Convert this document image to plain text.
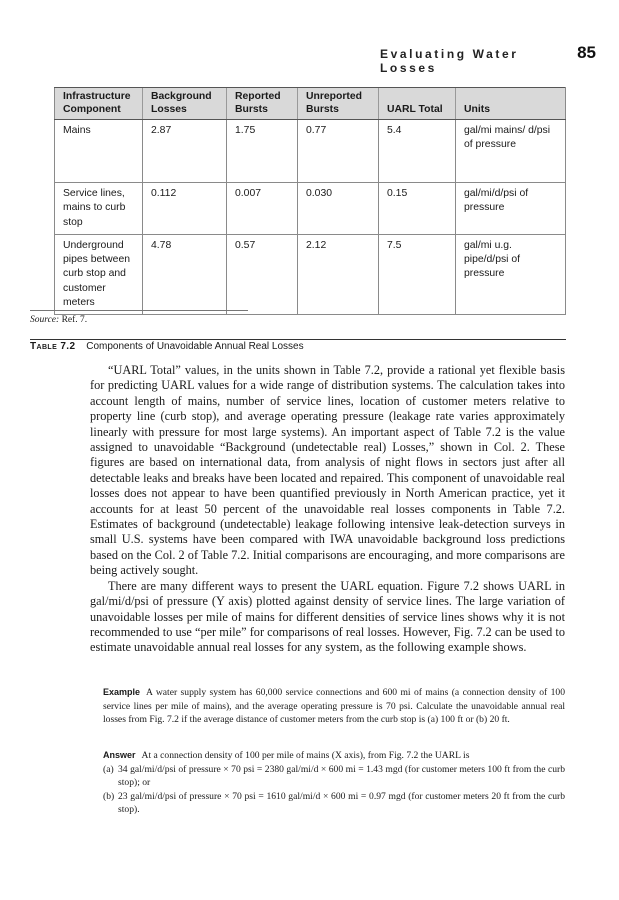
Evaluating Water Losses
85
Infrastructure Component	Background Losses	Reported Bursts	Unreported Bursts	UARL Total	Units
Mains	2.87	1.75	0.77	5.4	gal/mi mains/ d/psi of pressure
Service lines, mains to curb stop	0.112	0.007	0.030	0.15	gal/mi/d/psi of pressure
Underground pipes between curb stop and customer meters	4.78	0.57	2.12	7.5	gal/mi u.g. pipe/d/psi of pressure
Source: Ref. 7.
Table 7.2 Components of Unavoidable Annual Real Losses

“UARL Total” values, in the units shown in Table 7.2, provide a rational yet flexible basis for predicting UARL values for a wide range of distribution systems. The calculation takes into account length of mains, number of service lines, location of customer meters relative to property line (curb stop), and average operating pressure (leakage rate varies approximately linearly with pressure for most large systems). An important aspect of Table 7.2 is the value assigned to unavoidable “Background (undetectable real) Losses,” shown in Col. 2. These figures are based on international data, from analysis of night flows in sectors just after all detectable leaks and breaks have been located and repaired. This component of unavoidable real losses does not appear to have been quantified previously in North American practice, yet it accounts for at least 50 percent of the unavoidable real losses components in Table 7.2. Estimates of background (undetectable) leakage following intensive leak-detection surveys in small U.S. systems have been compared with IWA unavoidable background loss predictions based on the Col. 2 of Table 7.2. Initial comparisons are encouraging, and more comparisons are being actively sought.

There are many different ways to present the UARL equation. Figure 7.2 shows UARL in gal/mi/d/psi of pressure (Y axis) plotted against density of service lines. The large variation of unavoidable losses per mile of mains for different densities of service lines shows why it is not recommended to use “per mile” for comparisons of real losses. However, Fig. 7.2 can be used to estimate unavoidable annual real losses for any system, as the following example shows.

Example A water supply system has 60,000 service connections and 600 mi of mains (a connection density of 100 service lines per mile of mains), and the average operating pressure is 70 psi. Calculate the unavoidable annual real losses from Fig. 7.2 if the average distance of customer meters from the curb stop is (a) 100 ft or (b) 20 ft.

Answer At a connection density of 100 per mile of mains (X axis), from Fig. 7.2 the UARL is

(a) 34 gal/mi/d/psi of pressure × 70 psi = 2380 gal/mi/d × 600 mi = 1.43 mgd (for customer meters 100 ft from the curb stop); or

(b) 23 gal/mi/d/psi of pressure × 70 psi = 1610 gal/mi/d × 600 mi = 0.97 mgd (for customer meters 20 ft from the curb stop).
